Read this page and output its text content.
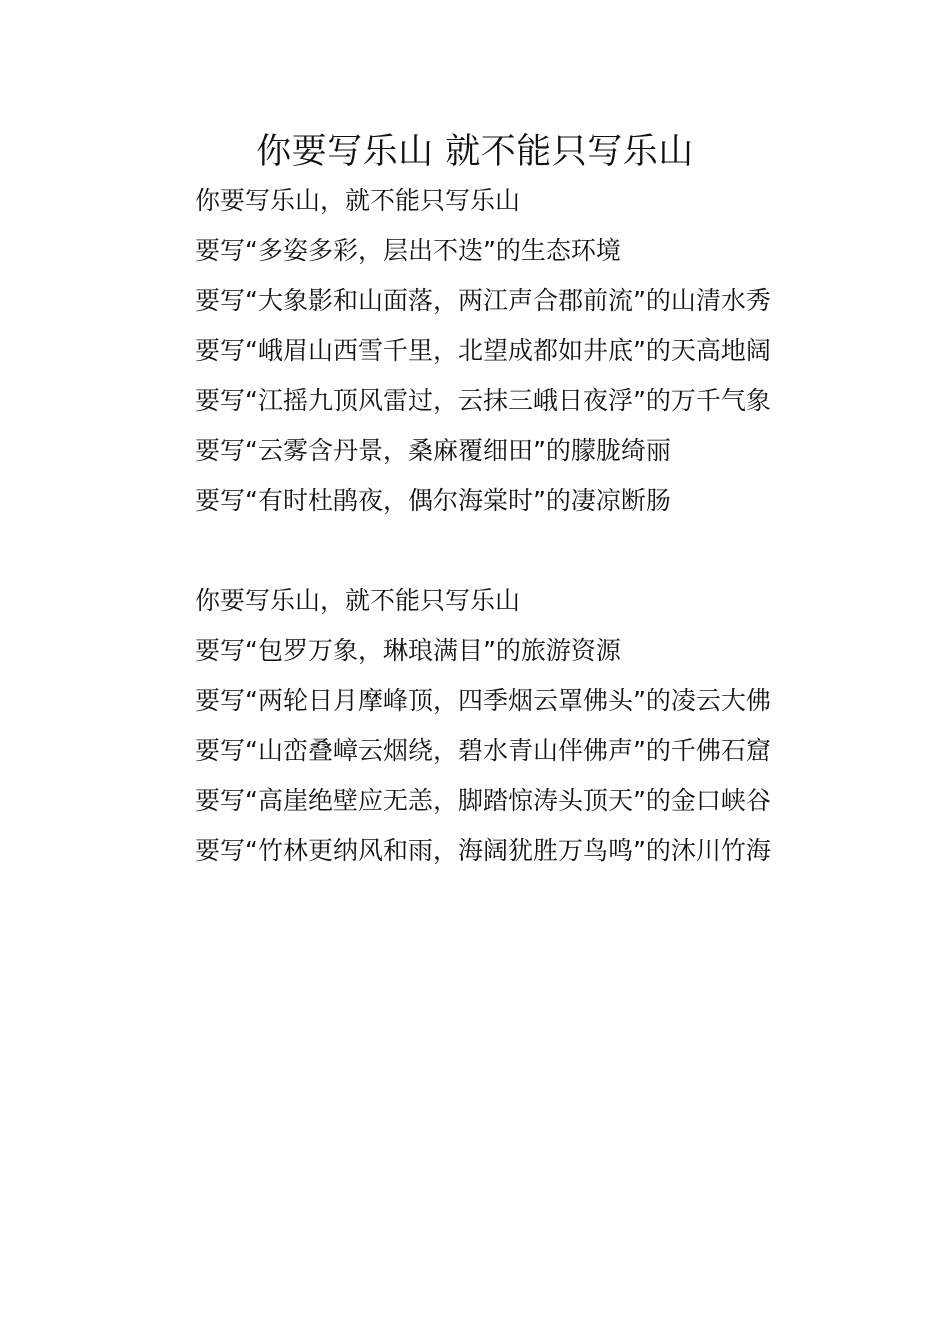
你要写乐山 就不能只写乐山

你要写乐山，就不能只写乐山

要写“多姿多彩，层出不迭”的生态环境

要写“大象影和山面落，两江声合郡前流”的山清水秀

要写“峨眉山西雪千里，北望成都如井底”的天高地阔

要写“江摇九顶风雷过，云抹三峨日夜浮”的万千气象

要写“云雾含丹景，桑麻覆细田”的朦胧绮丽

要写“有时杜鹃夜，偶尔海棠时”的凄凉断肠

你要写乐山，就不能只写乐山

要写“包罗万象，琳琅满目”的旅游资源

要写“两轮日月摩峰顶，四季烟云罩佛头”的凌云大佛

要写“山峦叠嶂云烟绕，碧水青山伴佛声”的千佛石窟

要写“高崖绝壁应无恙，脚踏惊涛头顶天”的金口峡谷

要写“竹林更纳风和雨，海阔犹胜万鸟鸣”的沐川竹海
